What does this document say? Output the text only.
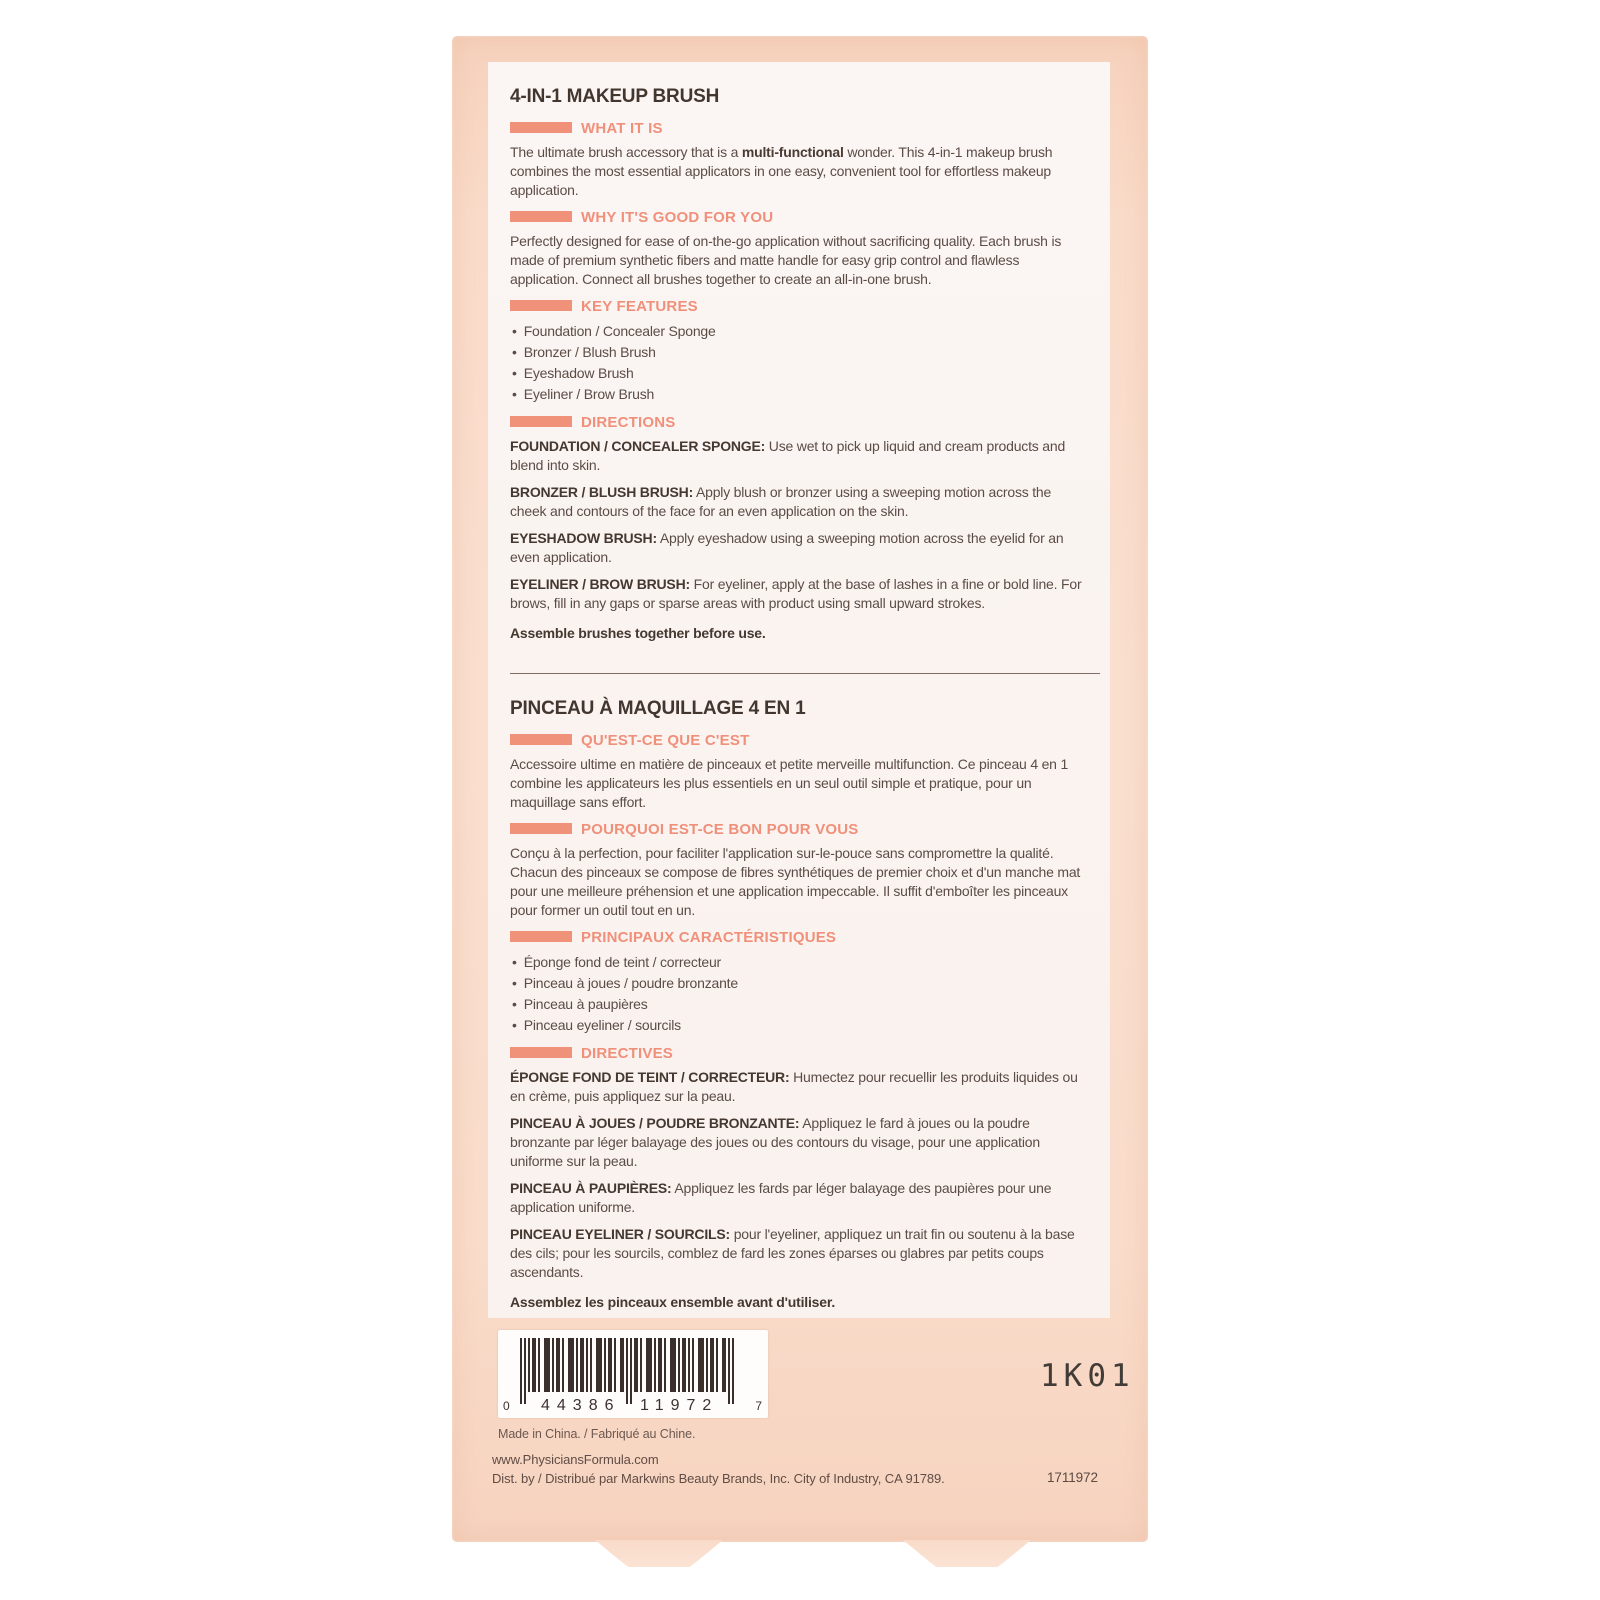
4-IN-1 MAKEUP BRUSH
WHAT IT IS

The ultimate brush accessory that is a multi-functional wonder. This 4-in-1 makeup brush combines the most essential applicators in one easy, convenient tool for effortless makeup application.

WHY IT'S GOOD FOR YOU

Perfectly designed for ease of on-the-go application without sacrificing quality. Each brush is made of premium synthetic fibers and matte handle for easy grip control and flawless application. Connect all brushes together to create an all-in-one brush.

KEY FEATURES
• Foundation / Concealer Sponge
• Bronzer / Blush Brush
• Eyeshadow Brush
• Eyeliner / Brow Brush
DIRECTIONS

FOUNDATION / CONCEALER SPONGE: Use wet to pick up liquid and cream products and blend into skin.

BRONZER / BLUSH BRUSH: Apply blush or bronzer using a sweeping motion across the cheek and contours of the face for an even application on the skin.

EYESHADOW BRUSH: Apply eyeshadow using a sweeping motion across the eyelid for an even application.

EYELINER / BROW BRUSH: For eyeliner, apply at the base of lashes in a fine or bold line. For brows, fill in any gaps or sparse areas with product using small upward strokes.

Assemble brushes together before use.

PINCEAU À MAQUILLAGE 4 EN 1
QU'EST-CE QUE C'EST

Accessoire ultime en matière de pinceaux et petite merveille multifunction. Ce pinceau 4 en 1 combine les applicateurs les plus essentiels en un seul outil simple et pratique, pour un maquillage sans effort.

POURQUOI EST-CE BON POUR VOUS

Conçu à la perfection, pour faciliter l'application sur-le-pouce sans compromettre la qualité. Chacun des pinceaux se compose de fibres synthétiques de premier choix et d'un manche mat pour une meilleure préhension et une application impeccable. Il suffit d'emboîter les pinceaux pour former un outil tout en un.

PRINCIPAUX CARACTÉRISTIQUES
• Éponge fond de teint / correcteur
• Pinceau à joues / poudre bronzante
• Pinceau à paupières
• Pinceau eyeliner / sourcils
DIRECTIVES

ÉPONGE FOND DE TEINT / CORRECTEUR: Humectez pour recuellir les produits liquides ou en crème, puis appliquez sur la peau.

PINCEAU À JOUES / POUDRE BRONZANTE: Appliquez le fard à joues ou la poudre bronzante par léger balayage des joues ou des contours du visage, pour une application uniforme sur la peau.

PINCEAU À PAUPIÈRES: Appliquez les fards par léger balayage des paupières pour une application uniforme.

PINCEAU EYELINER / SOURCILS: pour l'eyeliner, appliquez un trait fin ou soutenu à la base des cils; pour les sourcils, comblez de fard les zones éparses ou glabres par petits coups ascendants.

Assemblez les pinceaux ensemble avant d'utiliser.

0 44386 11972	7
1K01
Made in China. / Fabriqué au Chine.
www.PhysiciansFormula.com
Dist. by / Distribué par Markwins Beauty Brands, Inc. City of Industry, CA 91789.	1711972
